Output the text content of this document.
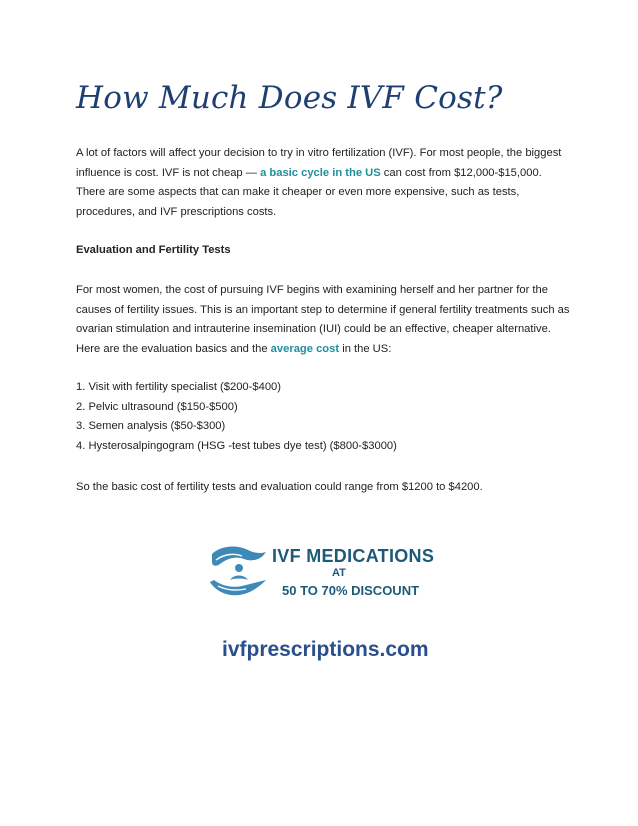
How Much Does IVF Cost?

A lot of factors will affect your decision to try in vitro fertilization (IVF). For most people, the biggest influence is cost. IVF is not cheap — a basic cycle in the US can cost from $12,000-$15,000. There are some aspects that can make it cheaper or even more expensive, such as tests, procedures, and IVF prescriptions costs.

Evaluation and Fertility Tests

For most women, the cost of pursuing IVF begins with examining herself and her partner for the causes of fertility issues. This is an important step to determine if general fertility treatments such as ovarian stimulation and intrauterine insemination (IUI) could be an effective, cheaper alternative. Here are the evaluation basics and the average cost in the US:

1. Visit with fertility specialist ($200-$400)
2. Pelvic ultrasound ($150-$500)
3. Semen analysis ($50-$300)
4. Hysterosalpingogram (HSG -test tubes dye test) ($800-$3000)

So the basic cost of fertility tests and evaluation could range from $1200 to $4200.

IVF MEDICATIONS
AT
50 TO 70% DISCOUNT
ivfprescriptions.com
